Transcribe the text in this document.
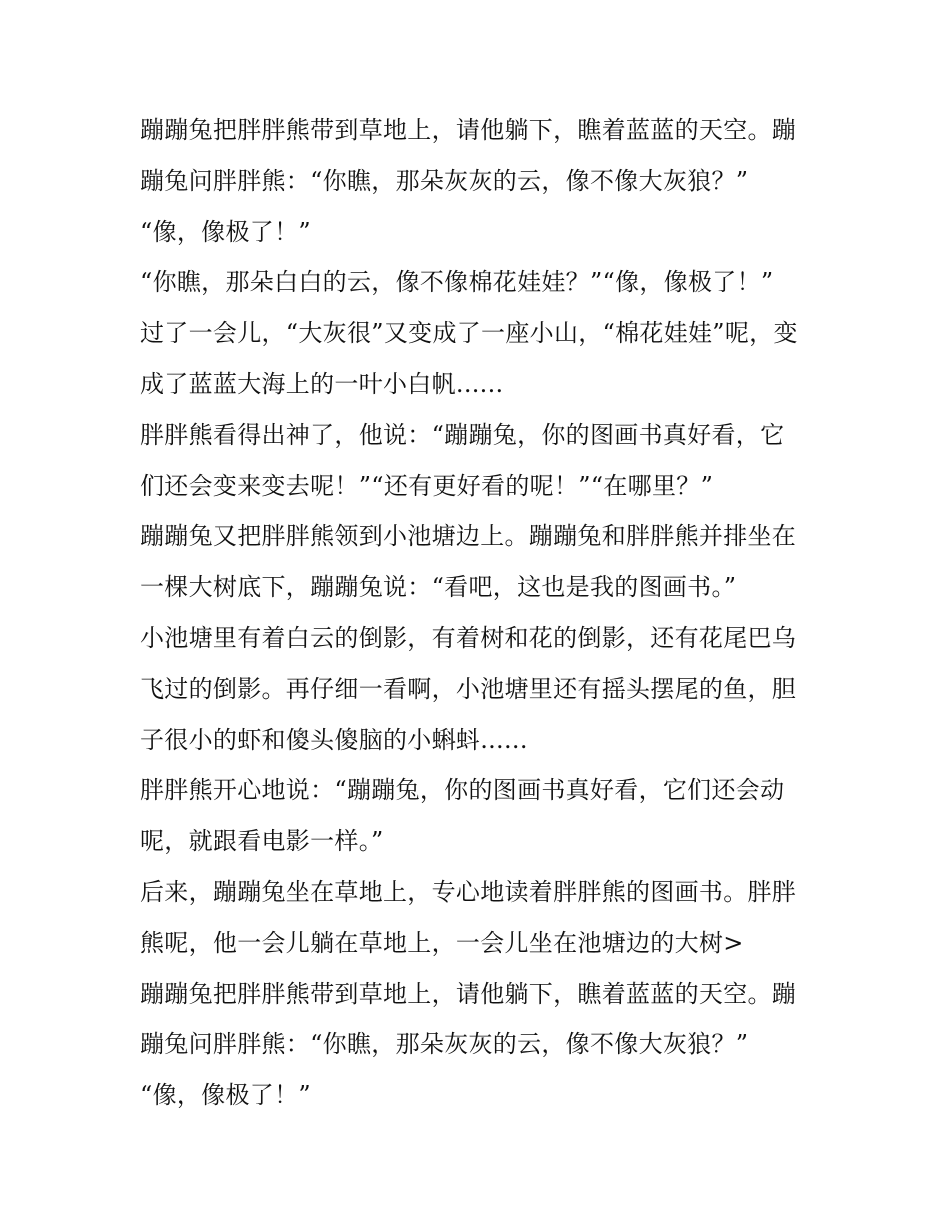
蹦蹦兔把胖胖熊带到草地上，请他躺下，瞧着蓝蓝的天空。蹦
蹦兔问胖胖熊：“你瞧，那朵灰灰的云，像不像大灰狼？”
“像，像极了！”
“你瞧，那朵白白的云，像不像棉花娃娃？”“像，像极了！”
过了一会儿，“大灰很”又变成了一座小山，“棉花娃娃”呢，变
成了蓝蓝大海上的一叶小白帆......
胖胖熊看得出神了，他说：“蹦蹦兔，你的图画书真好看，它
们还会变来变去呢！”“还有更好看的呢！”“在哪里？”
蹦蹦兔又把胖胖熊领到小池塘边上。蹦蹦兔和胖胖熊并排坐在
一棵大树底下，蹦蹦兔说：“看吧，这也是我的图画书。”
小池塘里有着白云的倒影，有着树和花的倒影，还有花尾巴乌
飞过的倒影。再仔细一看啊，小池塘里还有摇头摆尾的鱼，胆
子很小的虾和傻头傻脑的小蝌蚪......
胖胖熊开心地说：“蹦蹦兔，你的图画书真好看，它们还会动
呢，就跟看电影一样。”
后来，蹦蹦兔坐在草地上，专心地读着胖胖熊的图画书。胖胖
熊呢，他一会儿躺在草地上，一会儿坐在池塘边的大树>
蹦蹦兔把胖胖熊带到草地上，请他躺下，瞧着蓝蓝的天空。蹦
蹦兔问胖胖熊：“你瞧，那朵灰灰的云，像不像大灰狼？”
“像，像极了！”
